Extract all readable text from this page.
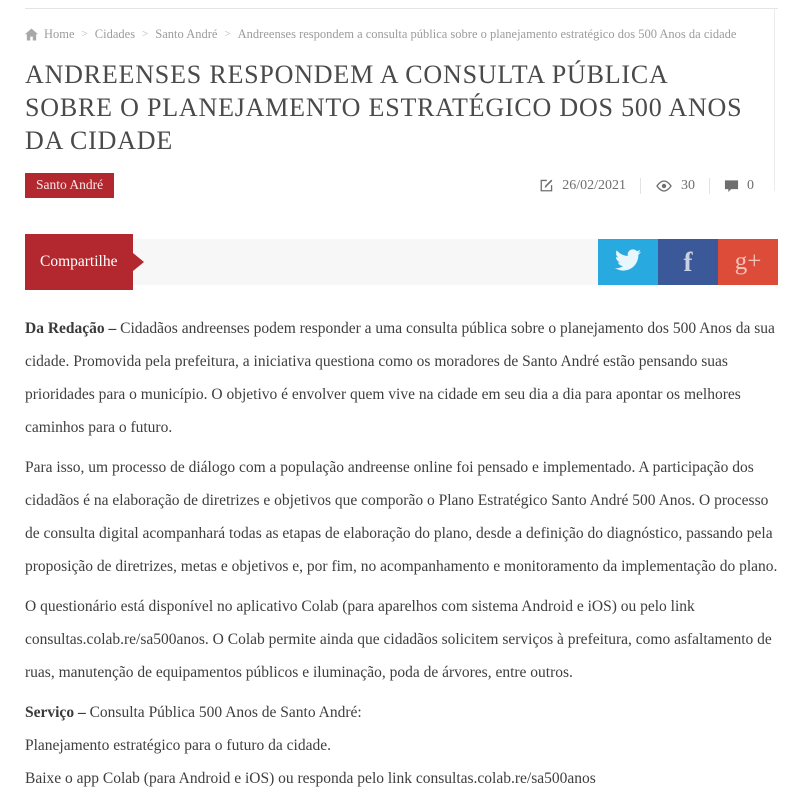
Home > Cidades > Santo André > Andreenses respondem a consulta pública sobre o planejamento estratégico dos 500 Anos da cidade
ANDREENSES RESPONDEM A CONSULTA PÚBLICA SOBRE O PLANEJAMENTO ESTRATÉGICO DOS 500 ANOS DA CIDADE
Santo André	26/02/2021	30	0
Compartilhe	f g+

Da Redação – Cidadãos andreenses podem responder a uma consulta pública sobre o planejamento dos 500 Anos da sua cidade. Promovida pela prefeitura, a iniciativa questiona como os moradores de Santo André estão pensando suas prioridades para o município. O objetivo é envolver quem vive na cidade em seu dia a dia para apontar os melhores caminhos para o futuro.

Para isso, um processo de diálogo com a população andreense online foi pensado e implementado. A participação dos cidadãos é na elaboração de diretrizes e objetivos que comporão o Plano Estratégico Santo André 500 Anos. O processo de consulta digital acompanhará todas as etapas de elaboração do plano, desde a definição do diagnóstico, passando pela proposição de diretrizes, metas e objetivos e, por fim, no acompanhamento e monitoramento da implementação do plano.

O questionário está disponível no aplicativo Colab (para aparelhos com sistema Android e iOS) ou pelo link consultas.colab.re/sa500anos. O Colab permite ainda que cidadãos solicitem serviços à prefeitura, como asfaltamento de ruas, manutenção de equipamentos públicos e iluminação, poda de árvores, entre outros.

Serviço – Consulta Pública 500 Anos de Santo André:

Planejamento estratégico para o futuro da cidade.

Baixe o app Colab (para Android e iOS) ou responda pelo link consultas.colab.re/sa500anos
